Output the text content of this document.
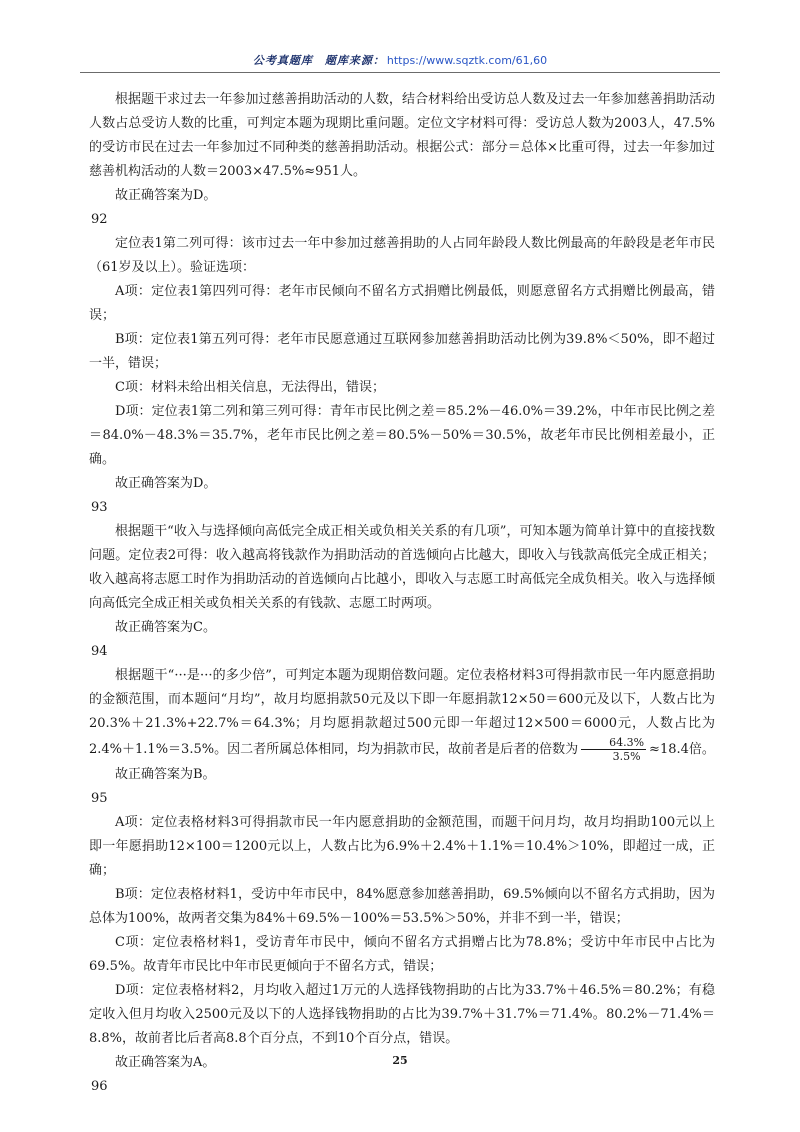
公考真题库　题库来源： https://www.sqztk.com/61,60

根据题干求过去一年参加过慈善捐助活动的人数，结合材料给出受访总人数及过去一年参加慈善捐助活动人数占总受访人数的比重，可判定本题为现期比重问题。定位文字材料可得：受访总人数为2003人，47.5%的受访市民在过去一年参加过不同种类的慈善捐助活动。根据公式：部分＝总体×比重可得，过去一年参加过慈善机构活动的人数＝2003×47.5%≈951人。

故正确答案为D。

92

定位表1第二列可得：该市过去一年中参加过慈善捐助的人占同年龄段人数比例最高的年龄段是老年市民（61岁及以上）。验证选项：

A项：定位表1第四列可得：老年市民倾向不留名方式捐赠比例最低，则愿意留名方式捐赠比例最高，错误；

B项：定位表1第五列可得：老年市民愿意通过互联网参加慈善捐助活动比例为39.8%＜50%，即不超过一半，错误；

C项：材料未给出相关信息，无法得出，错误；

D项：定位表1第二列和第三列可得：青年市民比例之差＝85.2%－46.0%＝39.2%，中年市民比例之差＝84.0%－48.3%＝35.7%，老年市民比例之差＝80.5%－50%＝30.5%，故老年市民比例相差最小，正确。

故正确答案为D。

93

根据题干“收入与选择倾向高低完全成正相关或负相关关系的有几项”，可知本题为简单计算中的直接找数问题。定位表2可得：收入越高将钱款作为捐助活动的首选倾向占比越大，即收入与钱款高低完全成正相关；收入越高将志愿工时作为捐助活动的首选倾向占比越小，即收入与志愿工时高低完全成负相关。收入与选择倾向高低完全成正相关或负相关关系的有钱款、志愿工时两项。

故正确答案为C。

94

根据题干“···是···的多少倍”，可判定本题为现期倍数问题。定位表格材料3可得捐款市民一年内愿意捐助的金额范围，而本题问“月均”，故月均愿捐款50元及以下即一年愿捐款12×50＝600元及以下，人数占比为20.3%＋21.3%+22.7%＝64.3%；月均愿捐款超过500元即一年超过12×500＝6000元，人数占比为2.4%＋1.1%＝3.5%。因二者所属总体相同，均为捐款市民，故前者是后者的倍数为 $\frac{64.3\%}{3.5\%} \approx 18.4$倍。

故正确答案为B。

95

A项：定位表格材料3可得捐款市民一年内愿意捐助的金额范围，而题干问月均，故月均捐助100元以上即一年愿捐助12×100＝1200元以上，人数占比为6.9%＋2.4%＋1.1%＝10.4%＞10%，即超过一成，正确；

B项：定位表格材料1，受访中年市民中，84%愿意参加慈善捐助，69.5%倾向以不留名方式捐助，因为总体为100%，故两者交集为84%＋69.5%－100%＝53.5%＞50%，并非不到一半，错误；

C项：定位表格材料1，受访青年市民中，倾向不留名方式捐赠占比为78.8%；受访中年市民中占比为69.5%。故青年市民比中年市民更倾向于不留名方式，错误；

D项：定位表格材料2，月均收入超过1万元的人选择钱物捐助的占比为33.7%＋46.5%＝80.2%；有稳定收入但月均收入2500元及以下的人选择钱物捐助的占比为39.7%＋31.7%＝71.4%。80.2%－71.4%＝8.8%，故前者比后者高8.8个百分点，不到10个百分点，错误。

故正确答案为A。

96

25
